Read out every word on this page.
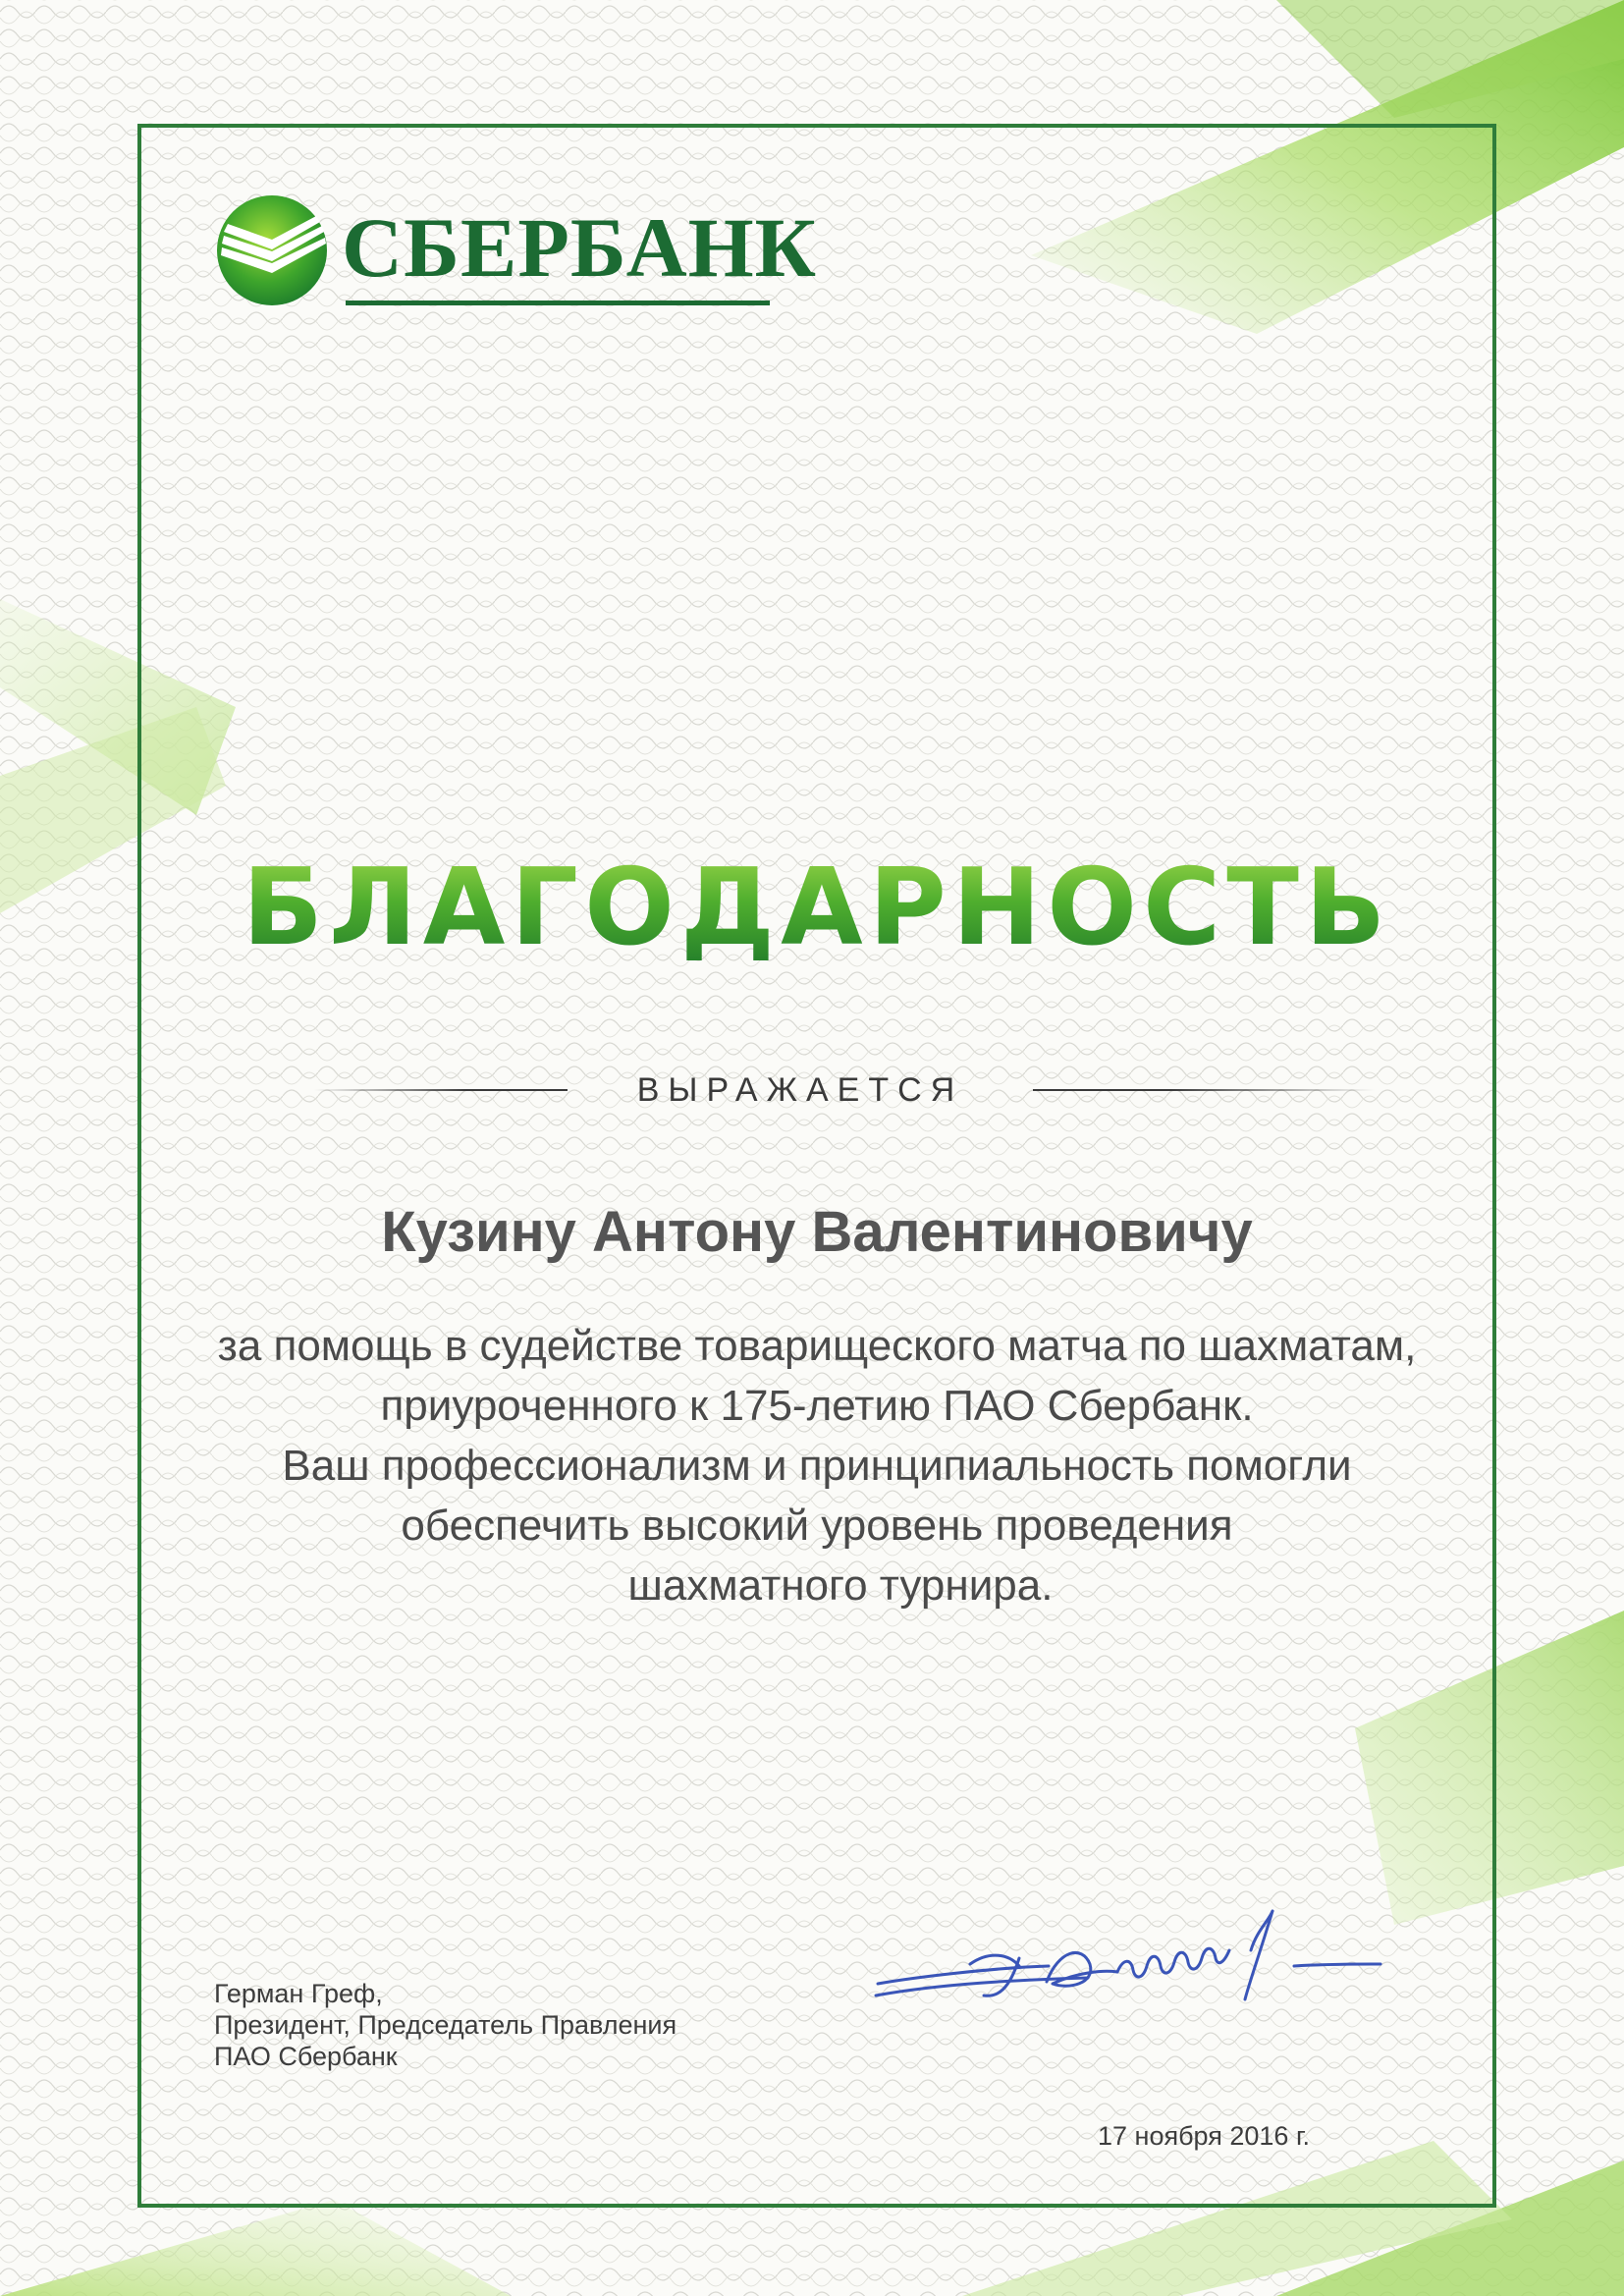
СБЕРБАНК
БЛАГОДАРНОСТЬ
ВЫРАЖАЕТСЯ
Кузину Антону Валентиновичу
за помощь в судействе товарищеского матча по шахматам,
приуроченного к 175-летию ПАО Сбербанк.
Ваш профессионализм и принципиальность помогли
обеспечить высокий уровень проведения
шахматного турнира.
Герман Греф,
Президент, Председатель Правления
ПАО Сбербанк
17 ноября 2016 г.
